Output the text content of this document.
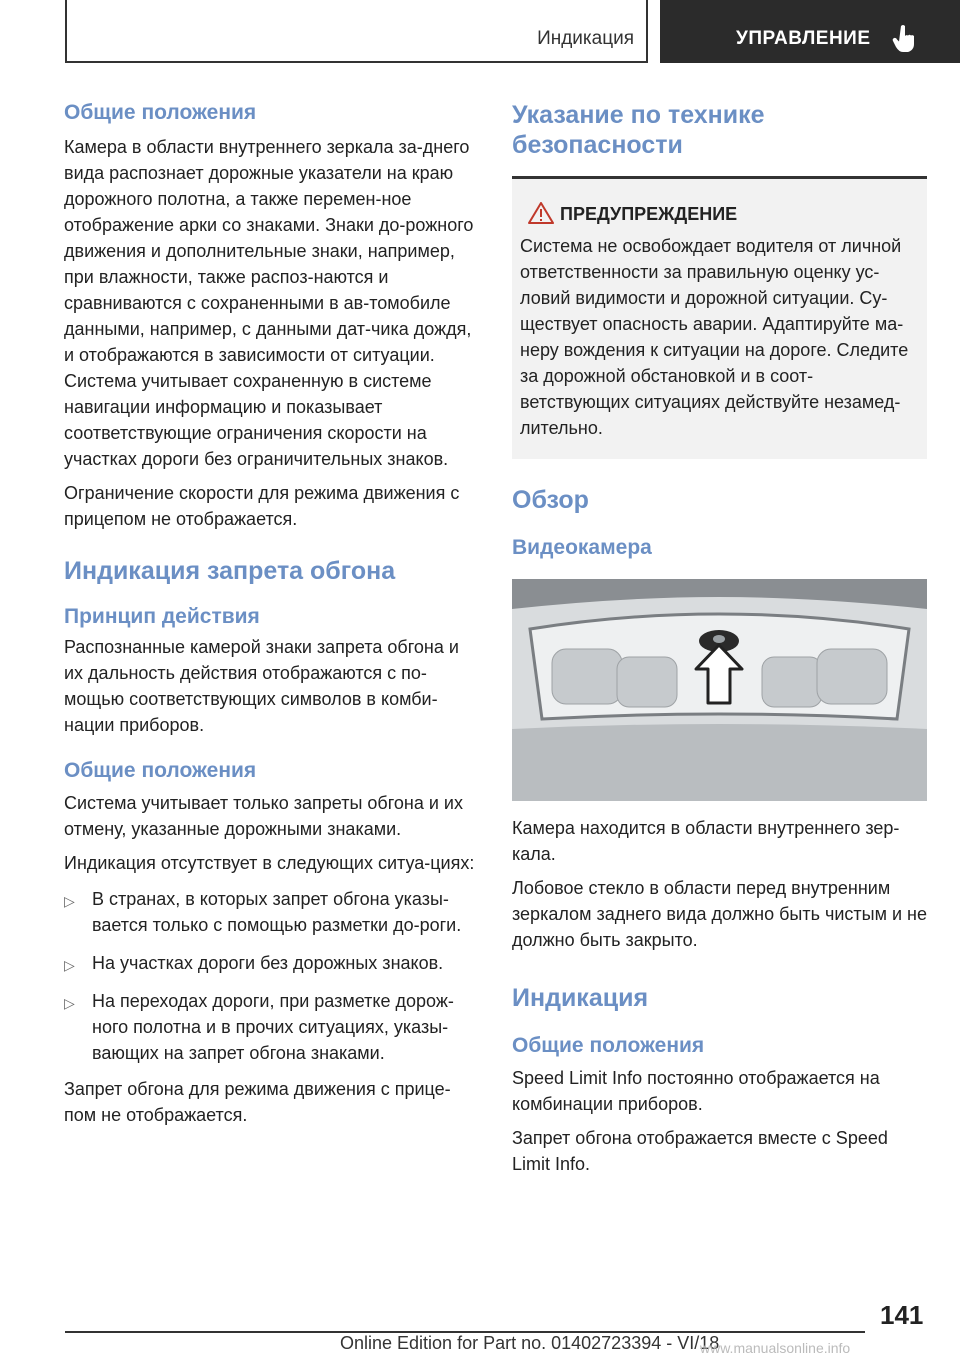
Индикация	УПРАВЛЕНИЕ
Общие положения

Камера в области внутреннего зеркала за-днего вида распознает дорожные указатели на краю дорожного полотна, а также перемен-ное отображение арки со знаками. Знаки до-рожного движения и дополнительные знаки, например, при влажности, также распоз-наются и сравниваются с сохраненными в ав-томобиле данными, например, с данными дат-чика дождя, и отображаются в зависимости от ситуации. Система учитывает сохраненную в системе навигации информацию и показывает соответствующие ограничения скорости на участках дороги без ограничительных знаков.

Ограничение скорости для режима движения с прицепом не отображается.

Индикация запрета обгона
Принцип действия

Распознанные камерой знаки запрета обгона и их дальность действия отображаются с по-мощью соответствующих символов в комби-нации приборов.

Общие положения

Система учитывает только запреты обгона и их отмену, указанные дорожными знаками.

Индикация отсутствует в следующих ситуа-циях:

▷ В странах, в которых запрет обгона указы-вается только с помощью разметки до-роги.
▷ На участках дороги без дорожных знаков.
▷ На переходах дороги, при разметке дорож-ного полотна и в прочих ситуациях, указы-вающих на запрет обгона знаками.

Запрет обгона для режима движения с прице-пом не отображается.

Указание по технике безопасности
ПРЕДУПРЕЖДЕНИЕ

Система не освобождает водителя от личной ответственности за правильную оценку ус-ловий видимости и дорожной ситуации. Су-ществует опасность аварии. Адаптируйте ма-неру вождения к ситуации на дороге. Следите за дорожной обстановкой и в соот-ветствующих ситуациях действуйте незамед-лительно.

Обзор
Видеокамера

Камера находится в области внутреннего зер-кала.

Лобовое стекло в области перед внутренним зеркалом заднего вида должно быть чистым и не должно быть закрыто.

Индикация
Общие положения

Speed Limit Info постоянно отображается на комбинации приборов.

Запрет обгона отображается вместе с Speed Limit Info.

141
Online Edition for Part no. 01402723394 - VI/18
www.manualsonline.info
